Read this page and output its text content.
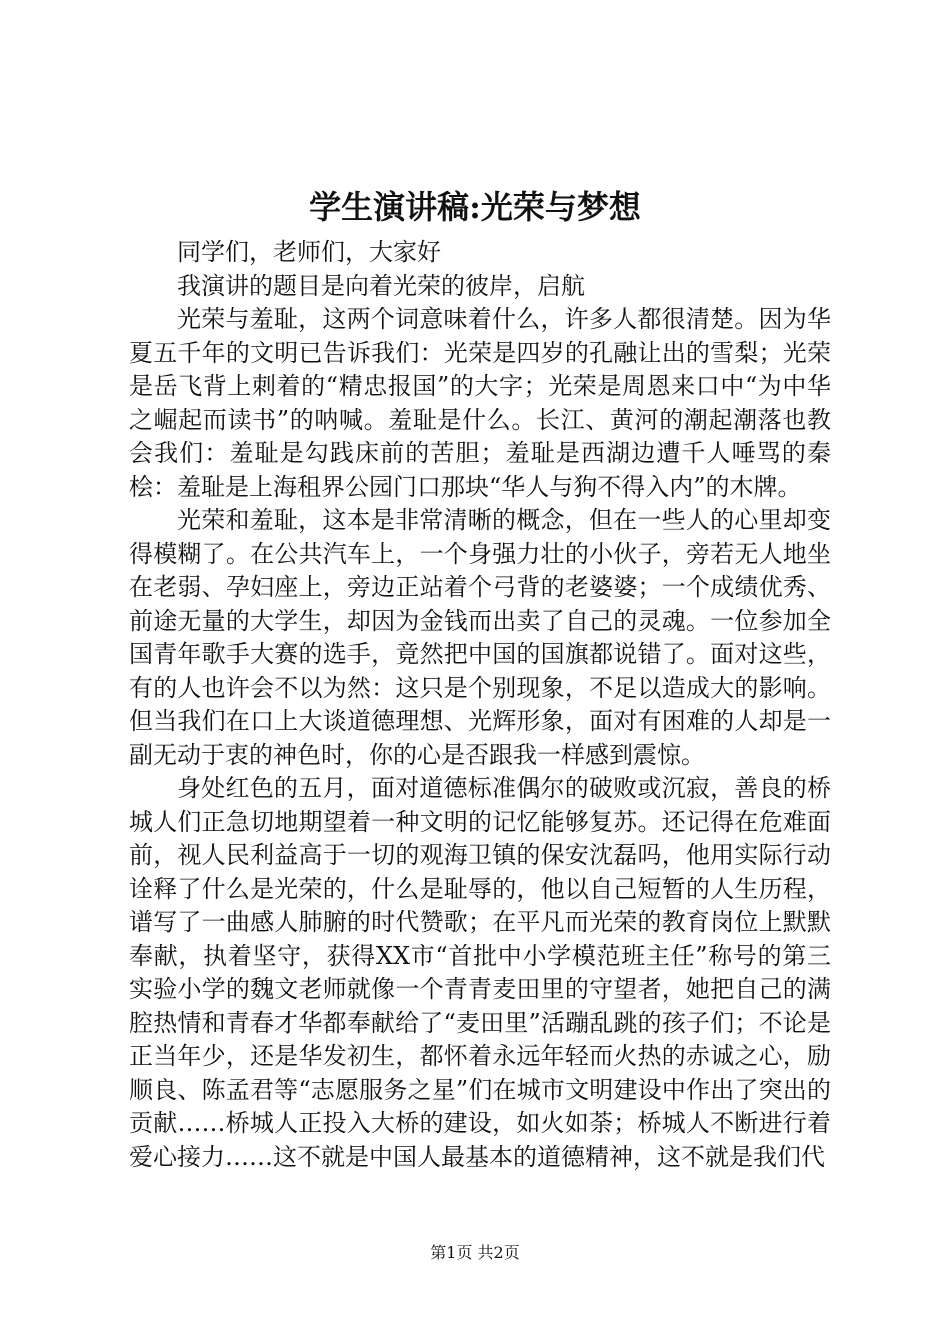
学生演讲稿:光荣与梦想

同学们，老师们，大家好

我演讲的题目是向着光荣的彼岸，启航

光荣与羞耻，这两个词意味着什么，许多人都很清楚。因为华夏五千年的文明已告诉我们：光荣是四岁的孔融让出的雪梨；光荣是岳飞背上刺着的“精忠报国”的大字；光荣是周恩来口中“为中华之崛起而读书”的呐喊。羞耻是什么。长江、黄河的潮起潮落也教会我们：羞耻是勾践床前的苦胆；羞耻是西湖边遭千人唾骂的秦桧：羞耻是上海租界公园门口那块“华人与狗不得入内”的木牌。

光荣和羞耻，这本是非常清晰的概念，但在一些人的心里却变得模糊了。在公共汽车上，一个身强力壮的小伙子，旁若无人地坐在老弱、孕妇座上，旁边正站着个弓背的老婆婆；一个成绩优秀、前途无量的大学生，却因为金钱而出卖了自己的灵魂。一位参加全国青年歌手大赛的选手，竟然把中国的国旗都说错了。面对这些，有的人也许会不以为然：这只是个别现象，不足以造成大的影响。但当我们在口上大谈道德理想、光辉形象，面对有困难的人却是一副无动于衷的神色时，你的心是否跟我一样感到震惊。

身处红色的五月，面对道德标准偶尔的破败或沉寂，善良的桥城人们正急切地期望着一种文明的记忆能够复苏。还记得在危难面前，视人民利益高于一切的观海卫镇的保安沈磊吗，他用实际行动诠释了什么是光荣的，什么是耻辱的，他以自己短暂的人生历程，谱写了一曲感人肺腑的时代赞歌；在平凡而光荣的教育岗位上默默奉献，执着坚守，获得XX市“首批中小学模范班主任”称号的第三实验小学的魏文老师就像一个青青麦田里的守望者，她把自己的满腔热情和青春才华都奉献给了“麦田里”活蹦乱跳的孩子们；不论是正当年少，还是华发初生，都怀着永远年轻而火热的赤诚之心，励顺良、陈孟君等“志愿服务之星”们在城市文明建设中作出了突出的贡献……桥城人正投入大桥的建设，如火如荼；桥城人不断进行着爱心接力……这不就是中国人最基本的道德精神，这不就是我们代

第1页 共2页
